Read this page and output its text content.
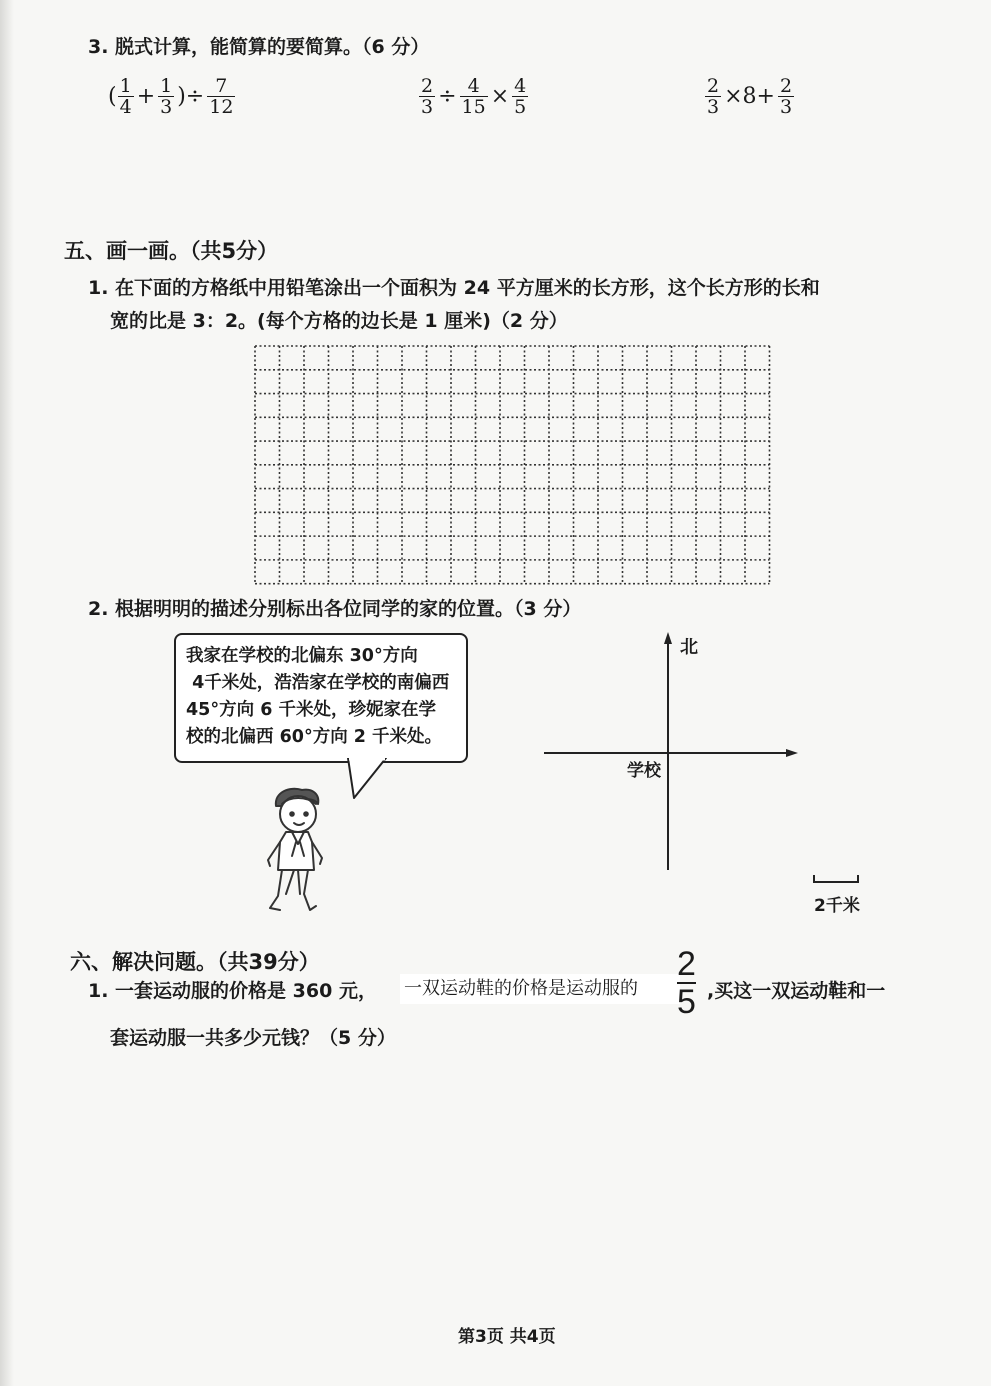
3. 脱式计算，能简算的要简算。（6 分）
( $\frac{1}{4} + \frac{1}{3}$ )÷ $\frac{7}{12}$	$\frac{2}{3} \div \frac{4}{15} \times \frac{4}{5}$	$\frac{2}{3} \times 8+ \frac{2}{3}$
五、画一画。（共5分）
1. 在下面的方格纸中用铅笔涂出一个面积为 24 平方厘米的长方形，这个长方形的长和
宽的比是 3：2。(每个方格的边长是 1 厘米)（2 分）
2. 根据明明的描述分别标出各位同学的家的位置。（3 分）
我家在学校的北偏东 30°方向
4千米处，浩浩家在学校的南偏西
45°方向 6 千米处，珍妮家在学
校的北偏西 60°方向 2 千米处。
北
学校
2千米
六、解决问题。（共39分）
1. 一套运动服的价格是 360 元， 一双运动鞋的价格是运动服的 $\frac{2}{5}$ ,买这一双运动鞋和一
套运动服一共多少元钱？（5 分）
第3页 共4页
